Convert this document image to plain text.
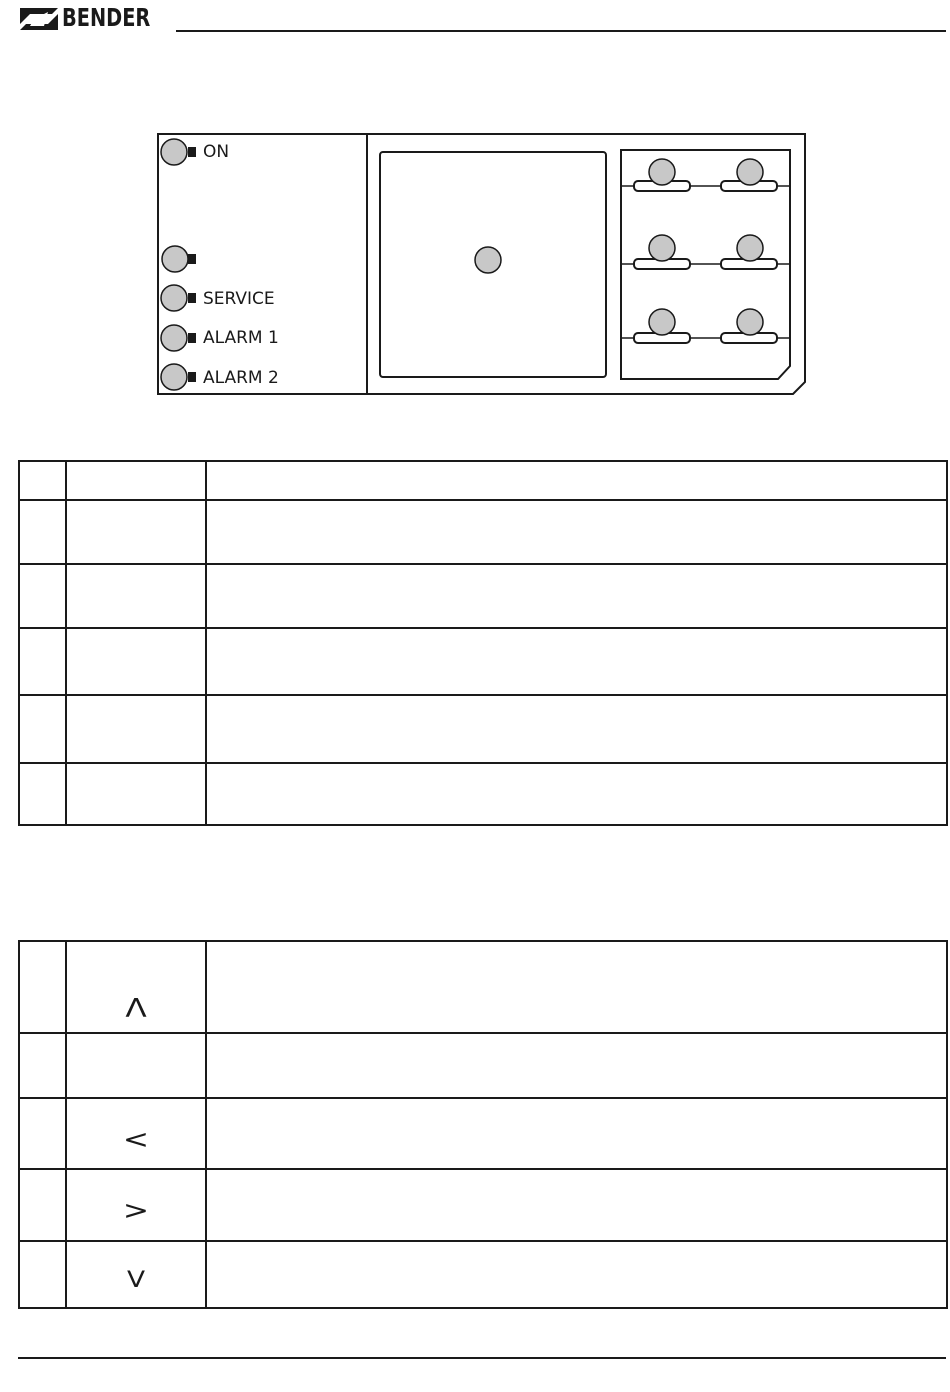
BENDER
ON
SERVICE
ALARM 1
ALARM 2

	Λ	

	<	

	>	

	V	
